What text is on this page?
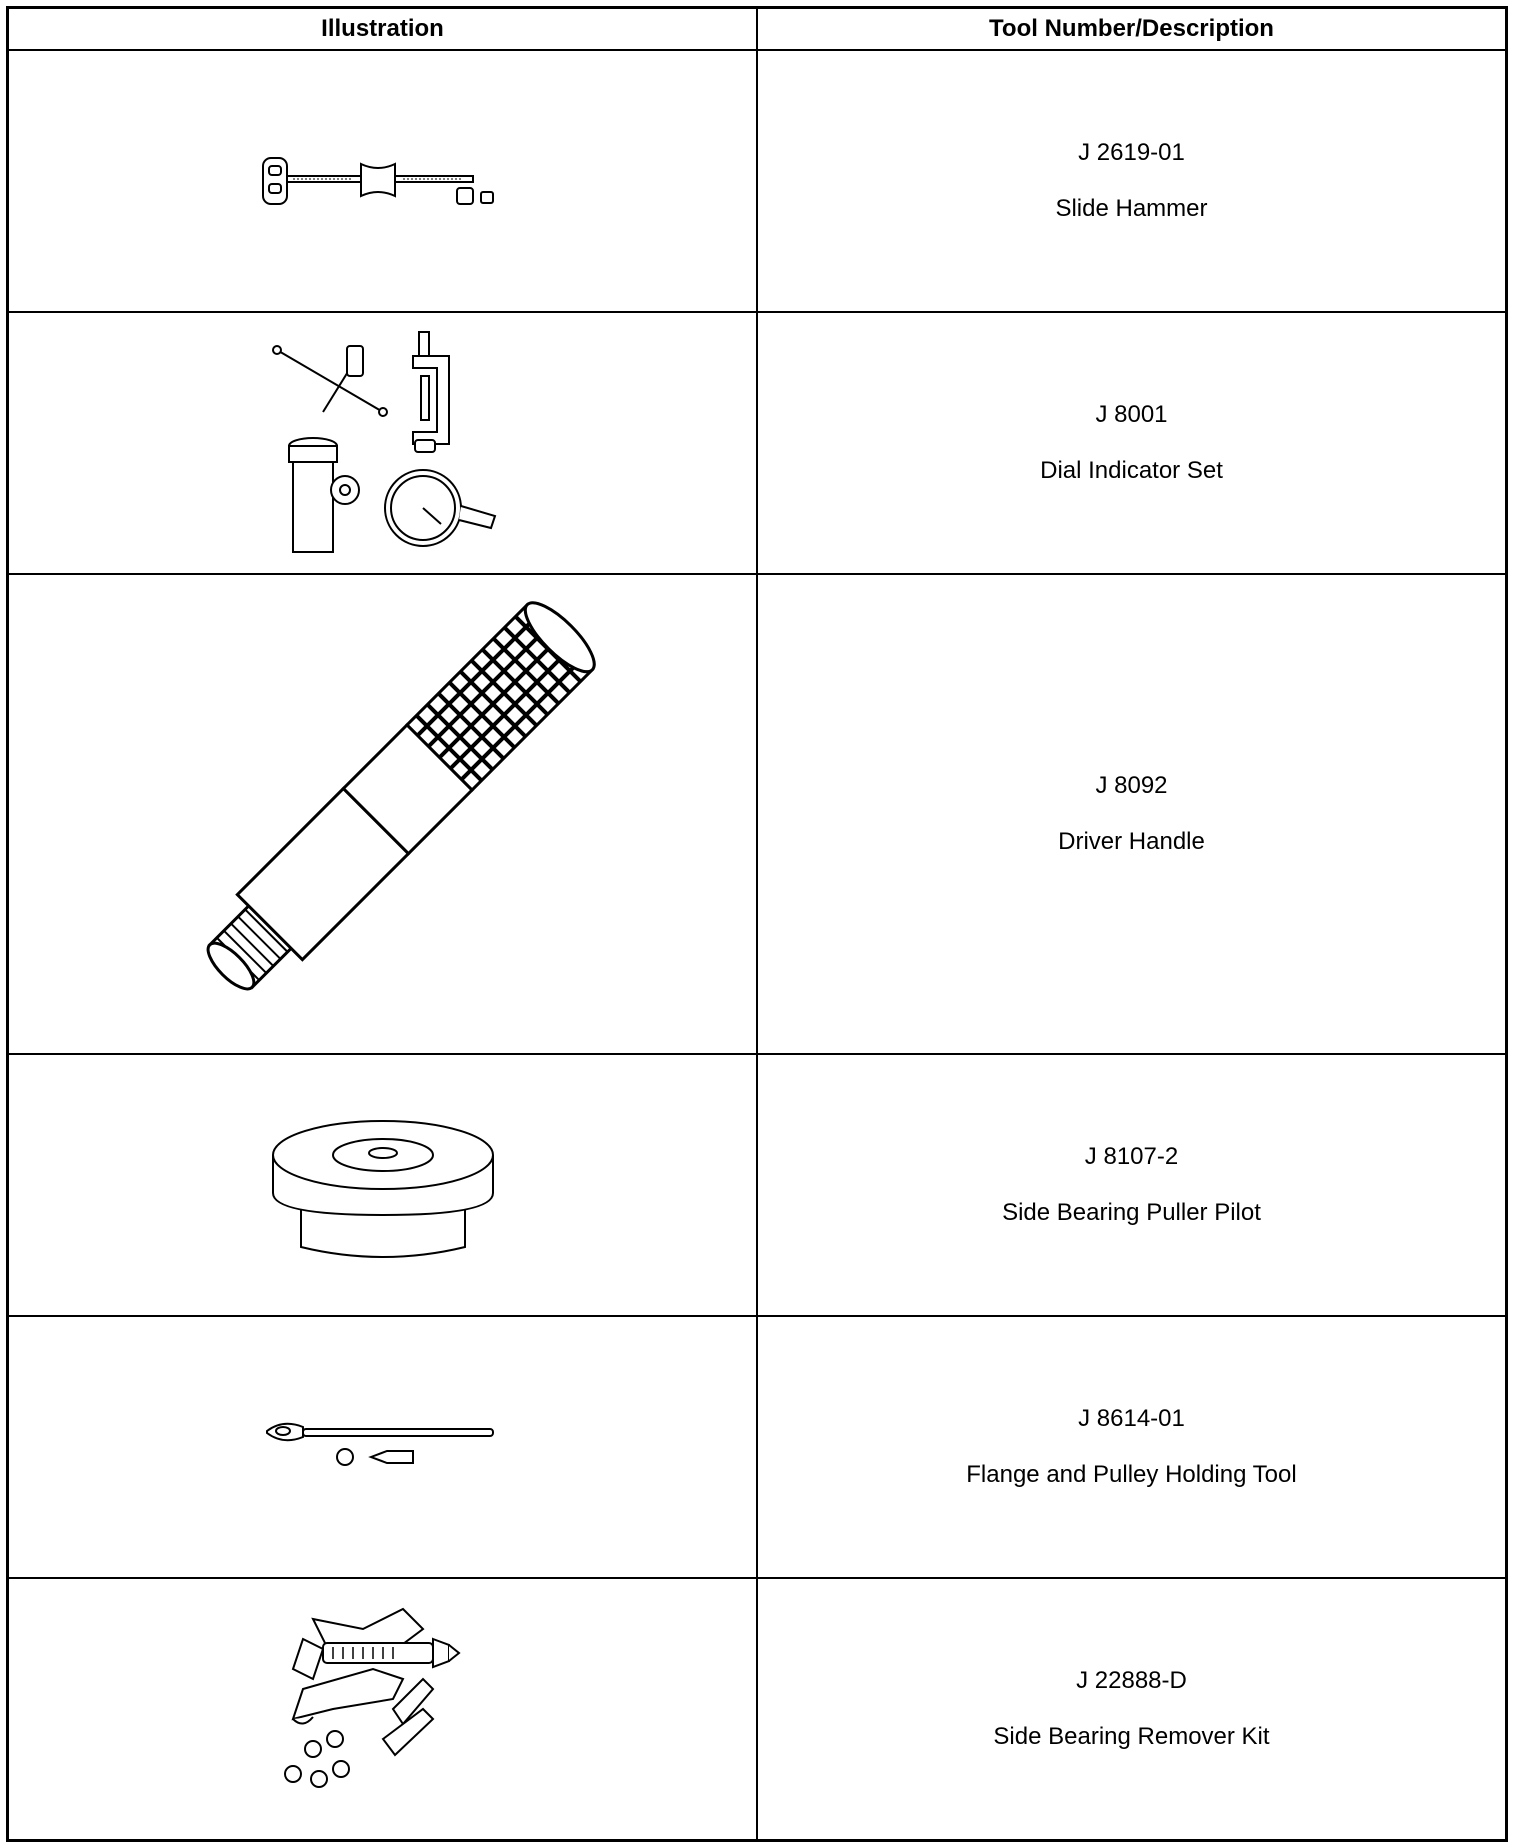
Illustration	Tool Number/Description

J 2619-01
Slide Hammer

J 8001
Dial Indicator Set

J 8092
Driver Handle

J 8107-2
Side Bearing Puller Pilot

J 8614-01
Flange and Pulley Holding Tool

J 22888-D
Side Bearing Remover Kit
